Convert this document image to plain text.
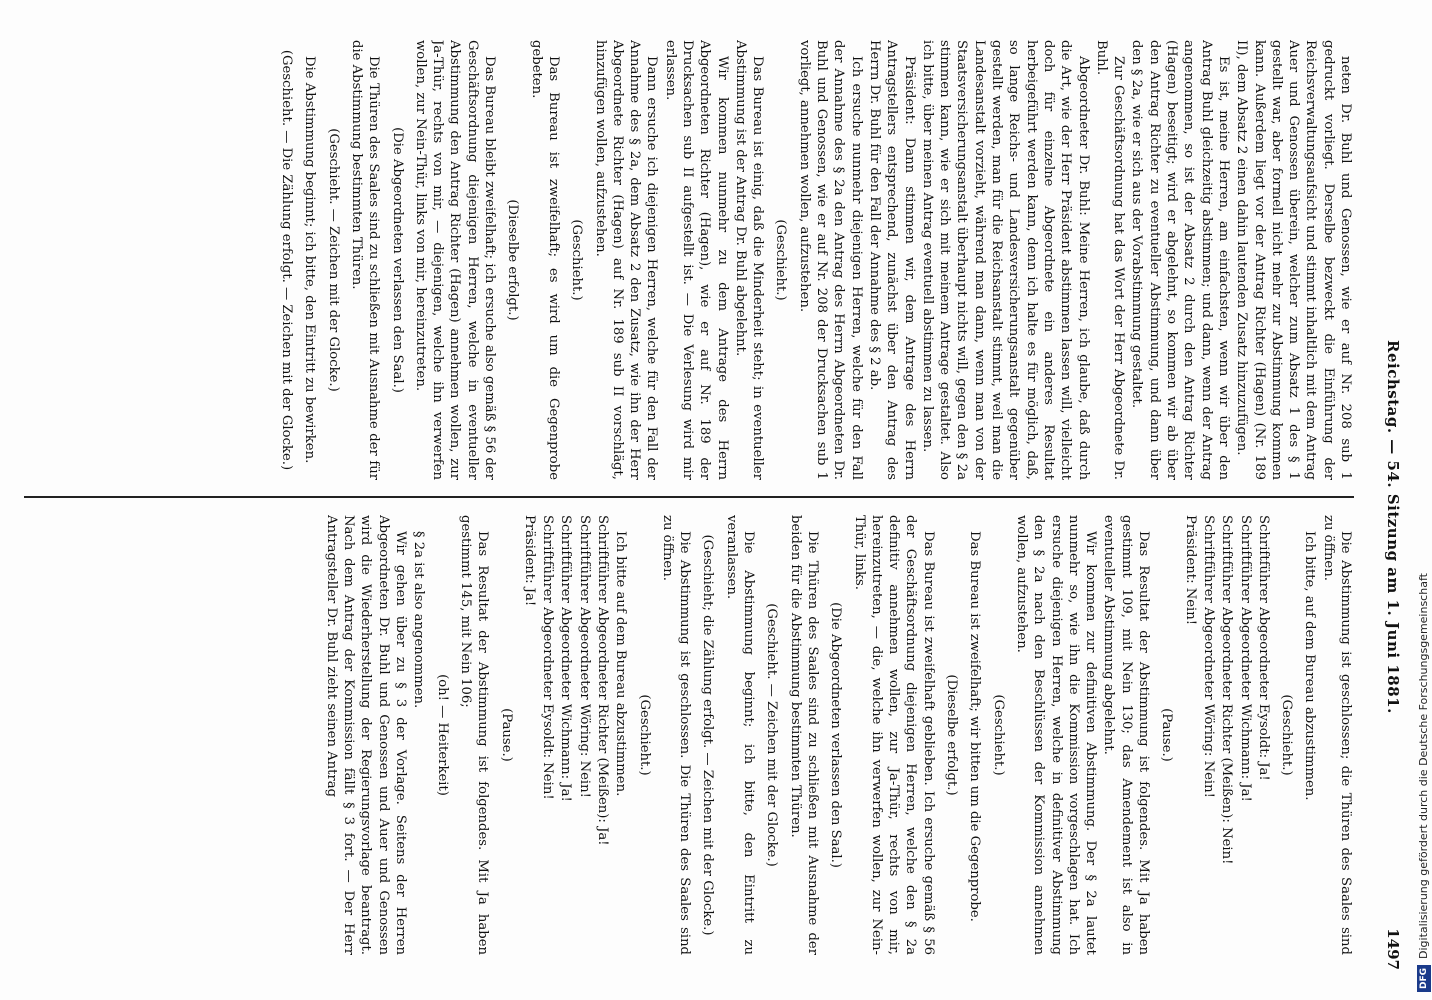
Reichstag. — 54. Sitzung am 1. Juni 1881.
1497

neten Dr. Buhl und Genossen, wie er auf Nr. 208 sub 1 gedruckt vorliegt. Derselbe bezweckt die Einführung der Reichsverwaltungsaufsicht und stimmt inhaltlich mit dem Antrag Auer und Genossen überein, welcher zum Absatz 1 des § 1 gestellt war, aber formell nicht mehr zur Abstimmung kommen kann. Außerdem liegt vor der Antrag Richter (Hagen) (Nr. 189 II), dem Absatz 2 einen dahin lautenden Zusatz hinzuzufügen.

Es ist, meine Herren, am einfachsten, wenn wir über den Antrag Buhl gleichzeitig abstimmen; und dann, wenn der Antrag angenommen, so ist der Absatz 2 durch den Antrag Richter (Hagen) beseitigt; wird er abgelehnt, so kommen wir ab über den Antrag Richter zu eventueller Abstimmung, und dann über den § 2a, wie er sich aus der Vorabstimmung gestaltet.

Zur Geschäftsordnung hat das Wort der Herr Abgeordnete Dr. Buhl.

Abgeordneter Dr. Buhl: Meine Herren, ich glaube, daß durch die Art, wie der Herr Präsident abstimmen lassen will, vielleicht doch für einzelne Abgeordnete ein anderes Resultat herbeigeführt werden kann, denn ich halte es für möglich, daß, so lange Reichs- und Landesversicherungsanstalt gegenüber gestellt werden, man für die Reichsanstalt stimmt, weil man die Landesanstalt vorzieht, während man dann, wenn man von der Staatsversicherungsanstalt überhaupt nichts will, gegen den § 2a stimmen kann, wie er sich mit meinem Antrage gestaltet. Also ich bitte, über meinen Antrag eventuell abstimmen zu lassen.

Präsident: Dann stimmen wir, dem Antrage des Herrn Antragstellers entsprechend, zunächst über den Antrag des Herrn Dr. Buhl für den Fall der Annahme des § 2 ab.

Ich ersuche nunmehr diejenigen Herren, welche für den Fall der Annahme des § 2a den Antrag des Herrn Abgeordneten Dr. Buhl und Genossen, wie er auf Nr. 208 der Drucksachen sub 1 vorliegt, annehmen wollen, aufzustehen.

(Geschieht.)

Das Bureau ist einig, daß die Minderheit steht; in eventueller Abstimmung ist der Antrag Dr. Buhl abgelehnt.

Wir kommen nunmehr zu dem Antrage des Herrn Abgeordneten Richter (Hagen), wie er auf Nr. 189 der Drucksachen sub II aufgestellt ist. — Die Verlesung wird mir erlassen.

Dann ersuche ich diejenigen Herren, welche für den Fall der Annahme des § 2a, dem Absatz 2 den Zusatz, wie ihn der Herr Abgeordnete Richter (Hagen) auf Nr. 189 sub II vorschlägt, hinzufügen wollen, aufzustehen.

(Geschieht.)

Das Bureau ist zweifelhaft; es wird um die Gegenprobe gebeten.

(Dieselbe erfolgt.)

Das Bureau bleibt zweifelhaft; ich ersuche also gemäß § 56 der Geschäftsordnung diejenigen Herren, welche in eventueller Abstimmung den Antrag Richter (Hagen) annehmen wollen, zur Ja-Thür, rechts von mir, — diejenigen, welche ihn verwerfen wollen, zur Nein-Thür, links von mir, hereinzutreten.

(Die Abgeordneten verlassen den Saal.)

Die Thüren des Saales sind zu schließen mit Ausnahme der für die Abstimmung bestimmten Thüren.

(Geschieht. — Zeichen mit der Glocke.)

Die Abstimmung beginnt; ich bitte, den Eintritt zu bewirken.

(Geschieht. — Die Zählung erfolgt. — Zeichen mit der Glocke.)

Die Abstimmung ist geschlossen; die Thüren des Saales sind zu öffnen.

Ich bitte, auf dem Bureau abzustimmen.

(Geschieht.)

Schriftführer Abgeordneter Eysoldt: Ja!

Schriftführer Abgeordneter Wichmann: Ja!

Schriftführer Abgeordneter Richter (Meißen): Nein!

Schriftführer Abgeordneter Wöring: Nein!

Präsident: Nein!

(Pause.)

Das Resultat der Abstimmung ist folgendes. Mit Ja haben gestimmt 109, mit Nein 130; das Amendement ist also in eventueller Abstimmung abgelehnt.

Wir kommen zur definitiven Abstimmung. Der § 2a lautet nunmehr so, wie ihn die Kommission vorgeschlagen hat. Ich ersuche diejenigen Herren, welche in definitiver Abstimmung den § 2a nach den Beschlüssen der Kommission annehmen wollen, aufzustehen.

(Geschieht.)

Das Bureau ist zweifelhaft; wir bitten um die Gegenprobe.

(Dieselbe erfolgt.)

Das Bureau ist zweifelhaft geblieben. Ich ersuche gemäß § 56 der Geschäftsordnung diejenigen Herren, welche den § 2a definitiv annehmen wollen, zur Ja-Thür, rechts von mir, hereinzutreten, — die, welche ihn verwerfen wollen, zur Nein-Thür, links.

(Die Abgeordneten verlassen den Saal.)

Die Thüren des Saales sind zu schließen mit Ausnahme der beiden für die Abstimmung bestimmten Thüren.

(Geschieht. — Zeichen mit der Glocke.)

Die Abstimmung beginnt; ich bitte, den Eintritt zu veranlassen.

(Geschieht; die Zählung erfolgt. — Zeichen mit der Glocke.)

Die Abstimmung ist geschlossen. Die Thüren des Saales sind zu öffnen.

(Geschieht.)

Ich bitte auf dem Bureau abzustimmen.

Schriftführer Abgeordneter Richter (Meißen): Ja!

Schriftführer Abgeordneter Wöring: Nein!

Schriftführer Abgeordneter Wichmann: Ja!

Schriftführer Abgeordneter Eysoldt: Nein!

Präsident: Ja!

(Pause.)

Das Resultat der Abstimmung ist folgendes. Mit Ja haben gestimmt 145, mit Nein 106;

(oh! — Heiterkeit)

§ 2a ist also angenommen.

Wir gehen über zu § 3 der Vorlage. Seitens der Herren Abgeordneten Dr. Buhl und Genossen und Auer und Genossen wird die Wiederherstellung der Regierungsvorlage beantragt. Nach dem Antrag der Kommission fällt § 3 fort. — Der Herr Antragsteller Dr. Buhl zieht seinen Antrag

DFGDigitalisierung gefördert durch die Deutsche Forschungsgemeinschaft
